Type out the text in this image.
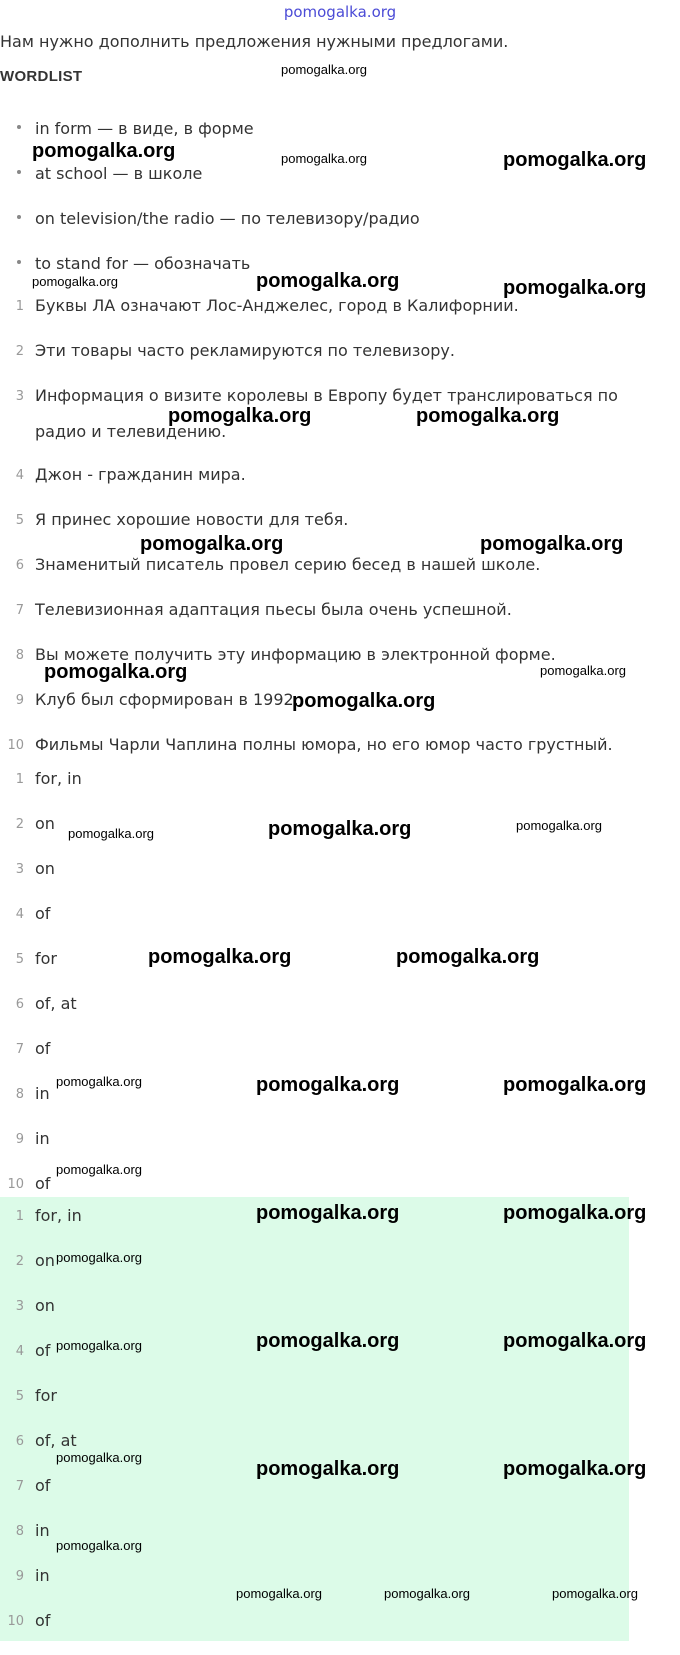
pomogalka.org
Нам нужно дополнить предложения нужными предлогами.
WORDLIST
in form — в виде, в форме
at school — в школе
on television/the radio — по телевизору/радио
to stand for — обозначать
1 Буквы ЛА означают Лос-Анджелес, город в Калифорнии.
2 Эти товары часто рекламируются по телевизору.
3 Информация о визите королевы в Европу будет транслироваться по радио и телевидению.
4 Джон - гражданин мира.
5 Я принес хорошие новости для тебя.
6 Знаменитый писатель провел серию бесед в нашей школе.
7 Телевизионная адаптация пьесы была очень успешной.
8 Вы можете получить эту информацию в электронной форме.
9 Клуб был сформирован в 1992.
10 Фильмы Чарли Чаплина полны юмора, но его юмор часто грустный.
1 for, in
2 on
3 on
4 of
5 for
6 of, at
7 of
8 in
9 in
10 of
1 for, in
2 on
3 on
4 of
5 for
6 of, at
7 of
8 in
9 in
10 of
pomogalka.org
pomogalka.org	pomogalka.org	pomogalka.org
pomogalka.org	pomogalka.org	pomogalka.org
pomogalka.org	pomogalka.org
pomogalka.org	pomogalka.org
pomogalka.org	pomogalka.org
pomogalka.org
pomogalka.org	pomogalka.org	pomogalka.org
pomogalka.org	pomogalka.org
pomogalka.org	pomogalka.org	pomogalka.org
pomogalka.org
pomogalka.org	pomogalka.org
pomogalka.org
pomogalka.org	pomogalka.org
pomogalka.org
pomogalka.org	pomogalka.org
pomogalka.org
pomogalka.org
pomogalka.org	pomogalka.org	pomogalka.org
